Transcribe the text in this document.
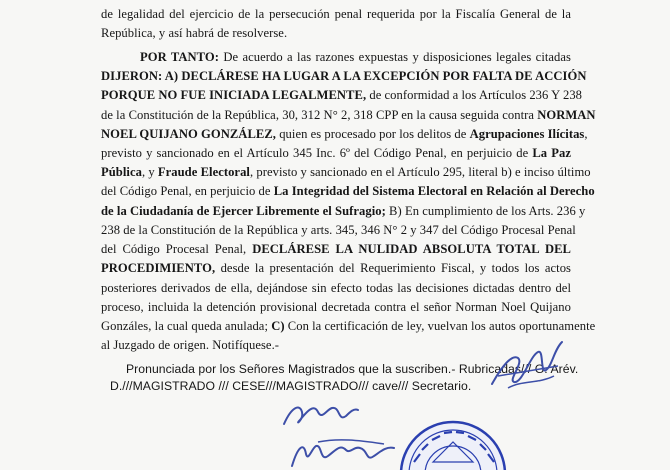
de legalidad del ejercicio de la persecución penal requerida por la Fiscalía General de la
República, y así habrá de resolverse.
POR TANTO: De acuerdo a las razones expuestas y disposiciones legales citadas
DIJERON: A) DECLÁRESE HA LUGAR A LA EXCEPCIÓN POR FALTA DE ACCIÓN
PORQUE NO FUE INICIADA LEGALMENTE, de conformidad a los Artículos 236 Y 238
de la Constitución de la República, 30, 312 N° 2, 318 CPP en la causa seguida contra NORMAN
NOEL QUIJANO GONZÁLEZ, quien es procesado por los delitos de Agrupaciones Ilícitas,
previsto y sancionado en el Artículo 345 Inc. 6º del Código Penal, en perjuicio de La Paz
Pública, y Fraude Electoral, previsto y sancionado en el Artículo 295, literal b) e inciso último
del Código Penal, en perjuicio de La Integridad del Sistema Electoral en Relación al Derecho
de la Ciudadanía de Ejercer Libremente el Sufragio; B) En cumplimiento de los Arts. 236 y
238 de la Constitución de la República y arts. 345, 346 N° 2 y 347 del Código Procesal Penal
del Código Procesal Penal, DECLÁRESE LA NULIDAD ABSOLUTA TOTAL DEL
PROCEDIMIENTO, desde la presentación del Requerimiento Fiscal, y todos los actos
posteriores derivados de ella, dejándose sin efecto todas las decisiones dictadas dentro del
proceso, incluida la detención provisional decretada contra el señor Norman Noel Quijano
Gonzáles, la cual queda anulada; C) Con la certificación de ley, vuelvan los autos oportunamente
al Juzgado de origen. Notifíquese.-
Pronunciada por los Señores Magistrados que la suscriben.- Rubricadas/// G. Arév.
D.///MAGISTRADO /// CESE///MAGISTRADO/// cave/// Secretario.
